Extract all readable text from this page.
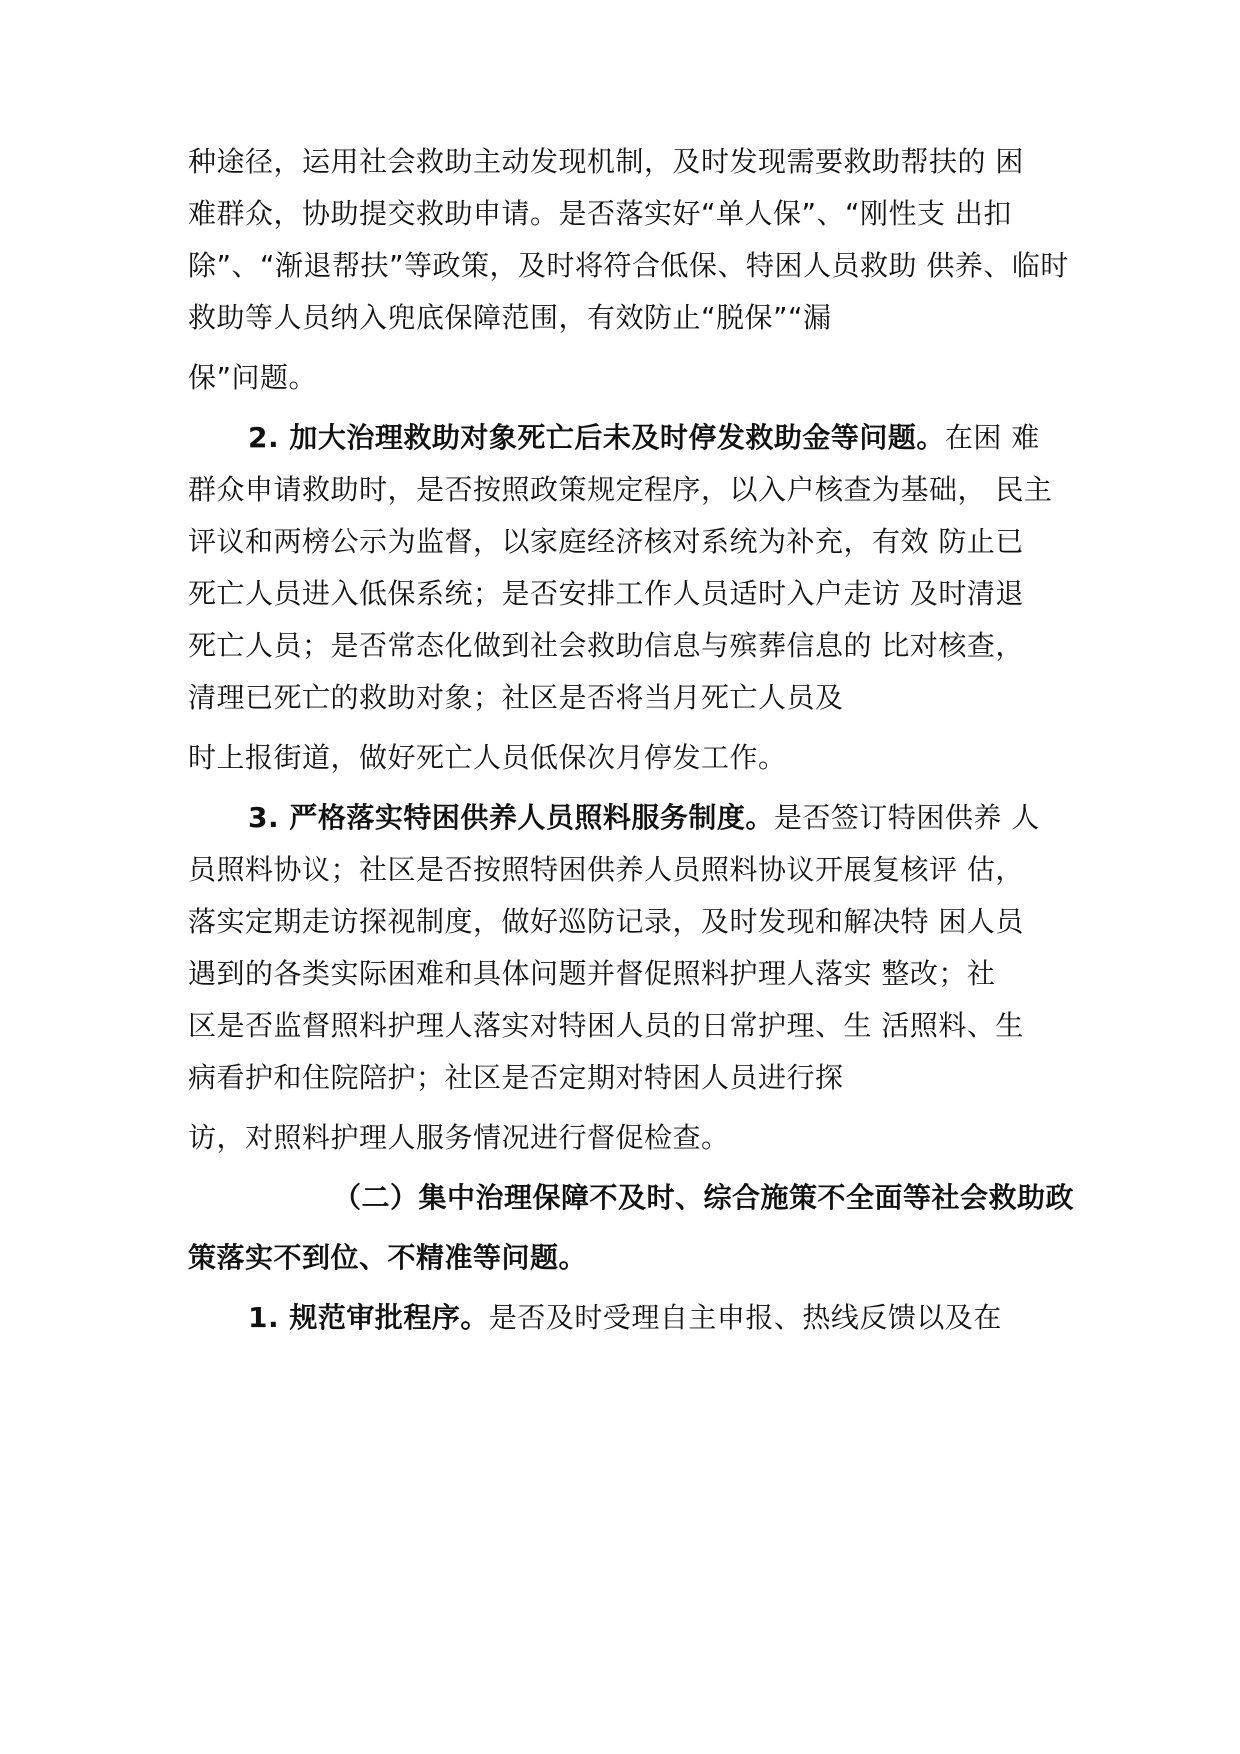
种途径，运用社会救助主动发现机制，及时发现需要救助帮扶的 困
难群众，协助提交救助申请。是否落实好“单人保”、“刚性支 出扣
除”、“渐退帮扶”等政策，及时将符合低保、特困人员救助 供养、临时
救助等人员纳入兜底保障范围，有效防止“脱保”“漏
保”问题。
2. 加大治理救助对象死亡后未及时停发救助金等问题。在困 难
群众申请救助时，是否按照政策规定程序，以入户核查为基础， 民主
评议和两榜公示为监督，以家庭经济核对系统为补充，有效 防止已
死亡人员进入低保系统；是否安排工作人员适时入户走访 及时清退
死亡人员；是否常态化做到社会救助信息与殡葬信息的 比对核查，
清理已死亡的救助对象；社区是否将当月死亡人员及
时上报街道，做好死亡人员低保次月停发工作。
3. 严格落实特困供养人员照料服务制度。是否签订特困供养 人
员照料协议；社区是否按照特困供养人员照料协议开展复核评 估，
落实定期走访探视制度，做好巡防记录，及时发现和解决特 困人员
遇到的各类实际困难和具体问题并督促照料护理人落实 整改；社
区是否监督照料护理人落实对特困人员的日常护理、生 活照料、生
病看护和住院陪护；社区是否定期对特困人员进行探
访，对照料护理人服务情况进行督促检查。
（二）集中治理保障不及时、综合施策不全面等社会救助政
策落实不到位、不精准等问题。
1. 规范审批程序。是否及时受理自主申报、热线反馈以及在
